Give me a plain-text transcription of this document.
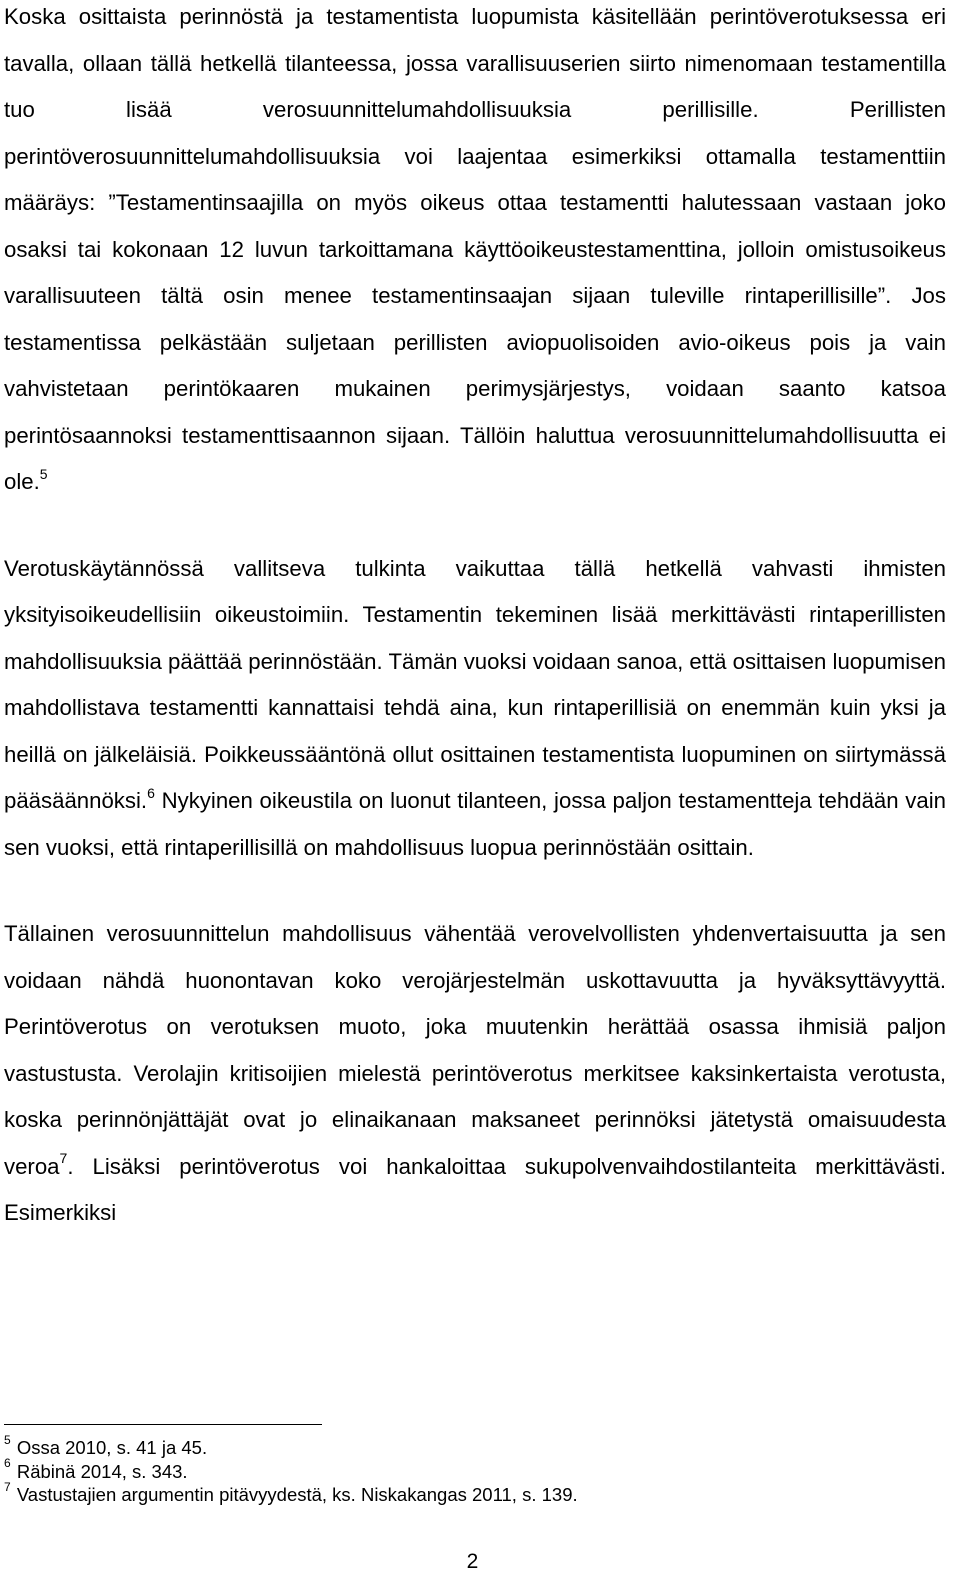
Koska osittaista perinnöstä ja testamentista luopumista käsitellään perintöverotuksessa eri tavalla, ollaan tällä hetkellä tilanteessa, jossa varallisuuserien siirto nimenomaan testamentilla tuo lisää verosuunnittelumahdollisuuksia perillisille. Perillisten perintöverosuunnittelumahdollisuuksia voi laajentaa esimerkiksi ottamalla testamenttiin määräys: ”Testamentinsaajilla on myös oikeus ottaa testamentti halutessaan vastaan joko osaksi tai kokonaan 12 luvun tarkoittamana käyttöoikeustestamenttina, jolloin omistusoikeus varallisuuteen tältä osin menee testamentinsaajan sijaan tuleville rintaperillisille”. Jos testamentissa pelkästään suljetaan perillisten aviopuolisoiden avio-oikeus pois ja vain vahvistetaan perintökaaren mukainen perimysjärjestys, voidaan saanto katsoa perintösaannoksi testamenttisaannon sijaan. Tällöin haluttua verosuunnittelumahdollisuutta ei ole.$^5$

Verotuskäytännössä vallitseva tulkinta vaikuttaa tällä hetkellä vahvasti ihmisten yksityisoikeudellisiin oikeustoimiin. Testamentin tekeminen lisää merkittävästi rintaperillisten mahdollisuuksia päättää perinnöstään. Tämän vuoksi voidaan sanoa, että osittaisen luopumisen mahdollistava testamentti kannattaisi tehdä aina, kun rintaperillisiä on enemmän kuin yksi ja heillä on jälkeläisiä. Poikkeussääntönä ollut osittainen testamentista luopuminen on siirtymässä pääsäännöksi.$^6$ Nykyinen oikeustila on luonut tilanteen, jossa paljon testamentteja tehdään vain sen vuoksi, että rintaperillisillä on mahdollisuus luopua perinnöstään osittain.

Tällainen verosuunnittelun mahdollisuus vähentää verovelvollisten yhdenvertaisuutta ja sen voidaan nähdä huonontavan koko verojärjestelmän uskottavuutta ja hyväksyttävyyttä. Perintöverotus on verotuksen muoto, joka muutenkin herättää osassa ihmisiä paljon vastustusta. Verolajin kritisoijien mielestä perintöverotus merkitsee kaksinkertaista verotusta, koska perinnönjättäjät ovat jo elinaikanaan maksaneet perinnöksi jätetystä omaisuudesta veroa$^7$. Lisäksi perintöverotus voi hankaloittaa sukupolvenvaihdostilanteita merkittävästi. Esimerkiksi

$^5$ Ossa 2010, s. 41 ja 45.

$^6$ Räbinä 2014, s. 343.

$^7$ Vastustajien argumentin pitävyydestä, ks. Niskakangas 2011, s. 139.

2
